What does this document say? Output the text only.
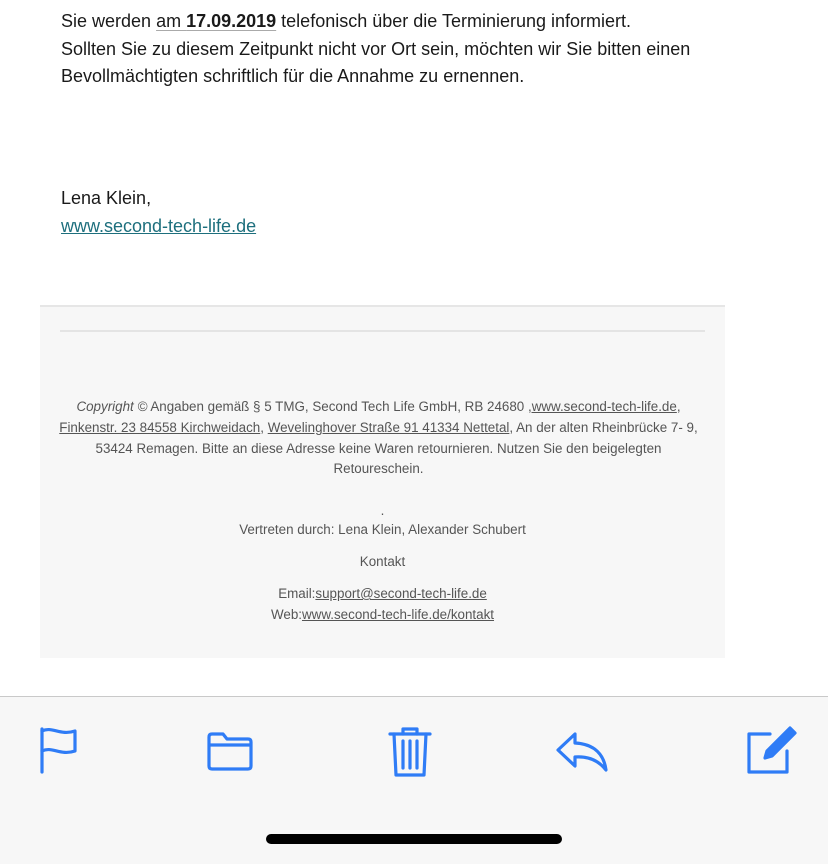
Sie werden am 17.09.2019 telefonisch über die Terminierung informiert.

Sollten Sie zu diesem Zeitpunkt nicht vor Ort sein, möchten wir Sie bitten einen

Bevollmächtigten schriftlich für die Annahme zu ernennen.

Lena Klein,
www.second-tech-life.de
Copyright © Angaben gemäß § 5 TMG, Second Tech Life GmbH, RB 24680 ,www.second-tech-life.de, Finkenstr. 23 84558 Kirchweidach, Wevelinghover Straße 91 41334 Nettetal, An der alten Rheinbrücke 7- 9, 53424 Remagen. Bitte an diese Adresse keine Waren retournieren. Nutzen Sie den beigelegten Retoureschein.
.
Vertreten durch: Lena Klein, Alexander Schubert
Kontakt
Email:support@second-tech-life.de
Web:www.second-tech-life.de/kontakt
